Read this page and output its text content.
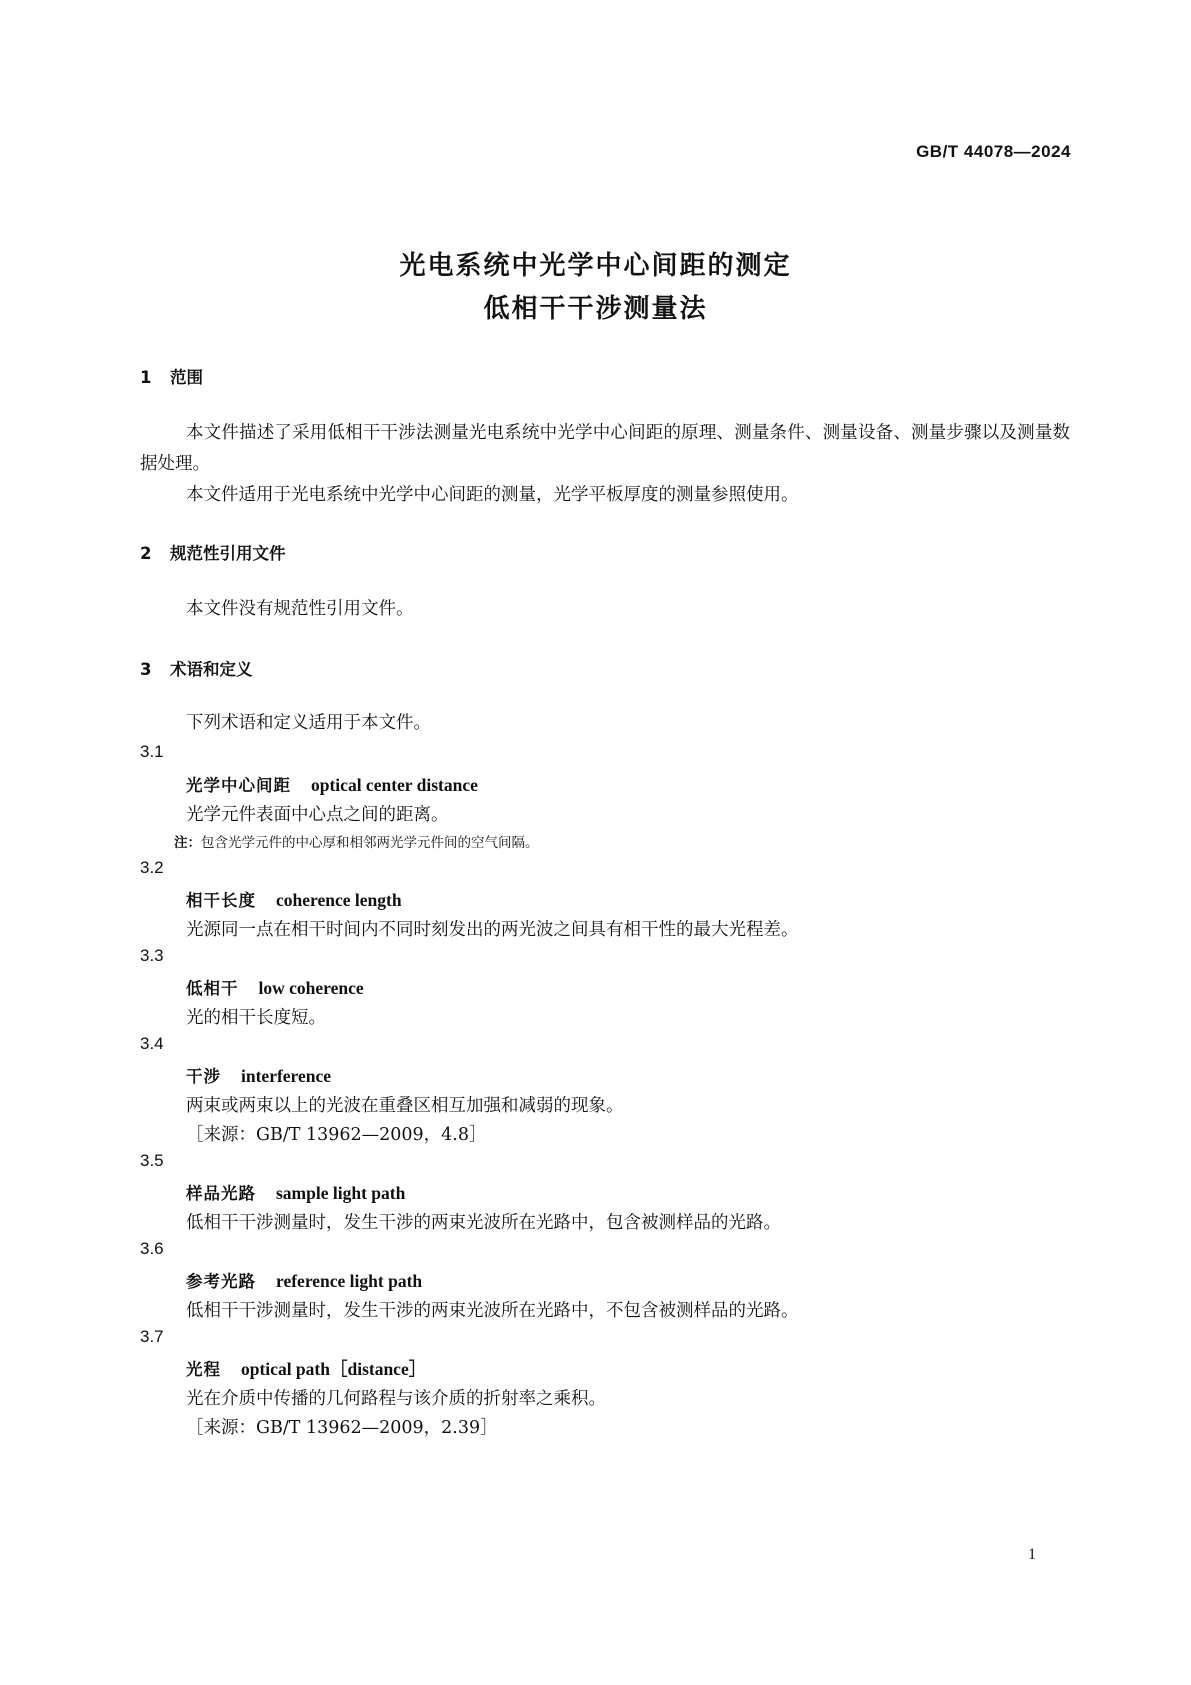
GB/T 44078—2024
光电系统中光学中心间距的测定
低相干干涉测量法
1 范围
本文件描述了采用低相干干涉法测量光电系统中光学中心间距的原理、测量条件、测量设备、测量步骤以及测量数据处理。
本文件适用于光电系统中光学中心间距的测量，光学平板厚度的测量参照使用。
2 规范性引用文件
本文件没有规范性引用文件。
3 术语和定义
下列术语和定义适用于本文件。
3.1
光学中心间距 optical center distance
光学元件表面中心点之间的距离。
注：包含光学元件的中心厚和相邻两光学元件间的空气间隔。
3.2
相干长度 coherence length
光源同一点在相干时间内不同时刻发出的两光波之间具有相干性的最大光程差。
3.3
低相干 low coherence
光的相干长度短。
3.4
干涉 interference
两束或两束以上的光波在重叠区相互加强和减弱的现象。
［来源：GB/T 13962—2009，4.8］
3.5
样品光路 sample light path
低相干干涉测量时，发生干涉的两束光波所在光路中，包含被测样品的光路。
3.6
参考光路 reference light path
低相干干涉测量时，发生干涉的两束光波所在光路中，不包含被测样品的光路。
3.7
光程 optical path［distance］
光在介质中传播的几何路程与该介质的折射率之乘积。
［来源：GB/T 13962—2009，2.39］
1
